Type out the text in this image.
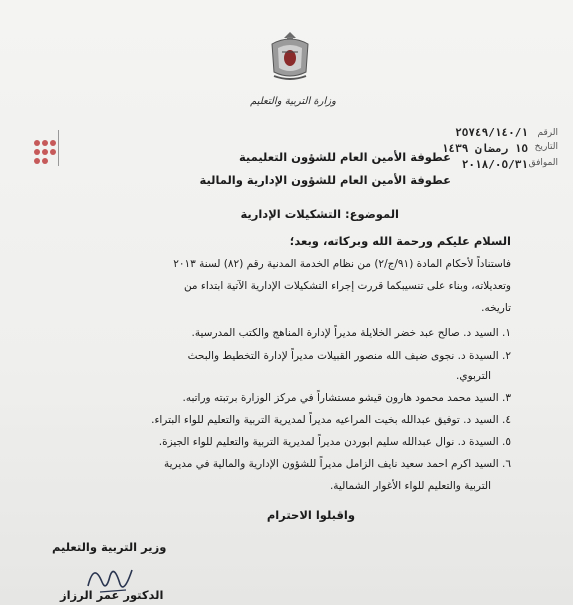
وزارة التربية والتعليم
الرقم
٢٥٧٤٩/١٤٠/١
التاريخ
١٥ رمضان ١٤٣٩
الموافق
٢٠١٨/٠٥/٣١
عطوفة الأمين العام للشؤون التعليمية
عطوفة الأمين العام للشؤون الإدارية والمالية
الموضوع: التشكيلات الإدارية
السلام عليكم ورحمة الله وبركاته، وبعد؛
فاستناداً لأحكام المادة (٩١/ج/٢) من نظام الخدمة المدنية رقم (٨٢) لسنة ٢٠١٣
وتعديلاته، وبناء على تنسيبكما قررت إجراء التشكيلات الإدارية الآتية ابتداء من
تاريخه.
١. السيد د. صالح عبد خضر الخلايلة مديراً لإدارة المناهج والكتب المدرسية.
٢. السيدة د. نجوى ضيف الله منصور القبيلات مديراً لإدارة التخطيط والبحث
التربوي.
٣. السيد محمد محمود هارون قيشو مستشاراً في مركز الوزارة برتبته وراتبه.
٤. السيد د. توفيق عبدالله بخيت المراعيه مديراً لمديرية التربية والتعليم للواء البتراء.
٥. السيدة د. نوال عبدالله سليم ابوردن مديراً لمديرية التربية والتعليم للواء الجيزة.
٦. السيد اكرم احمد سعيد نايف الزامل مديراً للشؤون الإدارية والمالية في مديرية
التربية والتعليم للواء الأغوار الشمالية.
واقبلوا الاحترام
وزير التربية والتعليم
الدكتور عمر الرزاز
